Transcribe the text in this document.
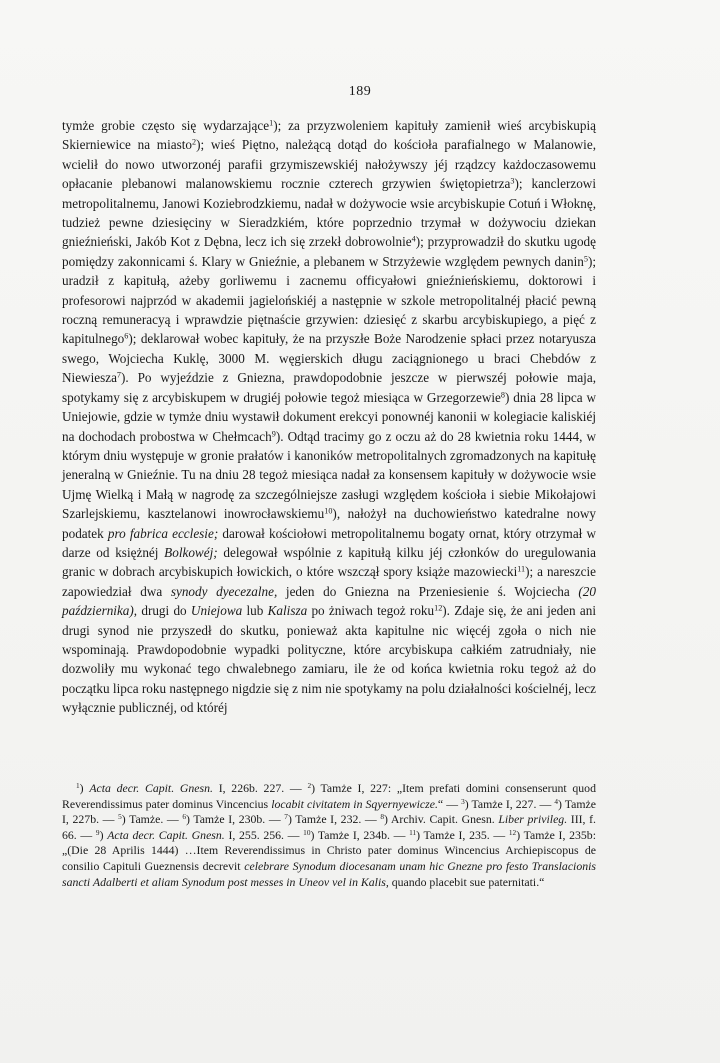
189

tymże grobie często się wydarzające$^1$); za przyzwoleniem kapituły zamienił wieś arcybiskupią Skierniewice na miasto$^2$); wieś Piętno, należącą dotąd do kościoła parafialnego w Malanowie, wcielił do nowo utworzonéj parafii grzymiszewskiéj nałożywszy jéj rządzcy każdoczasowemu opłacanie plebanowi malanowskiemu rocznie czterech grzywien świętopietrza$^3$); kanclerzowi metropolitalnemu, Janowi Koziebrodzkiemu, nadał w dożywocie wsie arcybiskupie Cotuń i Włoknę, tudzież pewne dziesięciny w Sieradzkiém, które poprzednio trzymał w dożywociu dziekan gnieźnieński, Jakób Kot z Dębna, lecz ich się zrzekł dobrowolnie$^4$); przyprowadził do skutku ugodę pomiędzy zakonnicami ś. Klary w Gnieźnie, a plebanem w Strzyżewie względem pewnych danin$^5$); uradził z kapitułą, ażeby gorliwemu i zacnemu officyałowi gnieźnieńskiemu, doktorowi i profesorowi najprzód w akademii jagielońskiéj a następnie w szkole metropolitalnéj płacić pewną roczną remuneracyą i wprawdzie piętnaście grzywien: dziesięć z skarbu arcybiskupiego, a pięć z kapitulnego$^6$); deklarował wobec kapituły, że na przyszłe Boże Narodzenie spłaci przez notaryusza swego, Wojciecha Kuklę, 3000 M. węgierskich długu zaciągnionego u braci Chebdów z Niewiesza$^7$). Po wyjeździe z Gniezna, prawdopodobnie jeszcze w pierwszéj połowie maja, spotykamy się z arcybiskupem w drugiéj połowie tegoż miesiąca w Grzegorzewie$^8$) dnia 28 lipca w Uniejowie, gdzie w tymże dniu wystawił dokument erekcyi ponownéj kanonii w kolegiacie kaliskiéj na dochodach probostwa w Chełmcach$^9$). Odtąd tracimy go z oczu aż do 28 kwietnia roku 1444, w którym dniu występuje w gronie prałatów i kanoników metropolitalnych zgromadzonych na kapitułę jeneralną w Gnieźnie. Tu na dniu 28 tegoż miesiąca nadał za konsensem kapituły w dożywocie wsie Ujmę Wielką i Małą w nagrodę za szczególniejsze zasługi względem kościoła i siebie Mikołajowi Szarlejskiemu, kasztelanowi inowrocławskiemu$^{10}$), nałożył na duchowieństwo katedralne nowy podatek pro fabrica ecclesie; darował kościołowi metropolitalnemu bogaty ornat, który otrzymał w darze od księżnéj Bolkowéj; delegował wspólnie z kapitułą kilku jéj członków do uregulowania granic w dobrach arcybiskupich łowickich, o które wszczął spory książe mazowiecki$^{11}$); a nareszcie zapowiedział dwa synody dyecezalne, jeden do Gniezna na Przeniesienie ś. Wojciecha (20 października), drugi do Uniejowa lub Kalisza po żniwach tegoż roku$^{12}$). Zdaje się, że ani jeden ani drugi synod nie przyszedł do skutku, ponieważ akta kapitulne nic więcéj zgoła o nich nie wspominają. Prawdopodobnie wypadki polityczne, które arcybiskupa całkiém zatrudniały, nie dozwoliły mu wykonać tego chwalebnego zamiaru, ile że od końca kwietnia roku tegoż aż do początku lipca roku następnego nigdzie się z nim nie spotykamy na polu działalności kościelnéj, lecz wyłącznie publicznéj, od któréj

$^1$) Acta decr. Capit. Gnesn. I, 226b. 227. — $^2$) Tamże I, 227: „Item prefati domini consenserunt quod Reverendissimus pater dominus Vincencius locabit civitatem in Sqyernyewicze.“ — $^3$) Tamże I, 227. — $^4$) Tamże I, 227b. — $^5$) Tamże. — $^6$) Tamże I, 230b. — $^7$) Tamże I, 232. — $^8$) Archiv. Capit. Gnesn. Liber privileg. III, f. 66. — $^9$) Acta decr. Capit. Gnesn. I, 255. 256. — $^{10}$) Tamże I, 234b. — $^{11}$) Tamże I, 235. — $^{12}$) Tamże I, 235b: „(Die 28 Aprilis 1444) …Item Reverendissimus in Christo pater dominus Wincencius Archiepiscopus de consilio Capituli Gueznensis decrevit celebrare Synodum diocesanam unam hic Gnezne pro festo Translacionis sancti Adalberti et aliam Synodum post messes in Uneov vel in Kalis, quando placebit sue paternitati.“
